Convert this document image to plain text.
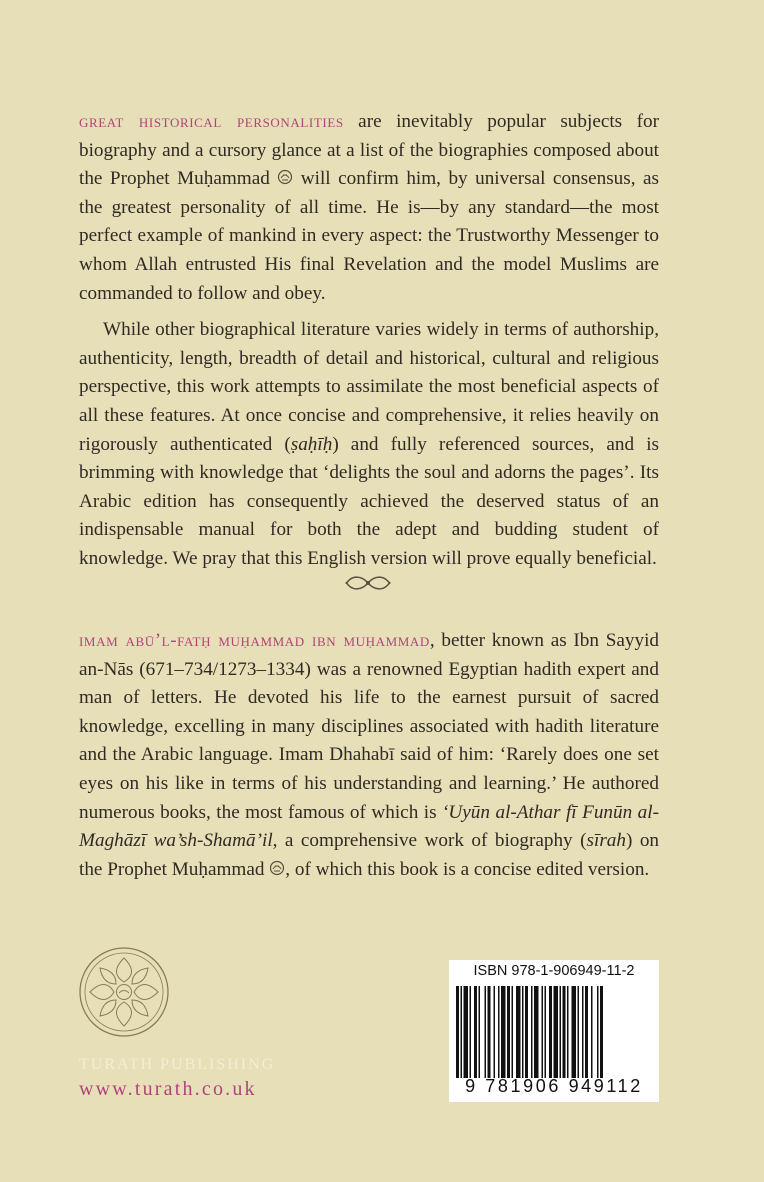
great historical personalities are inevitably popular subjects for biography and a cursory glance at a list of the biographies composed about the Prophet Muḥammad  will confirm him, by universal consensus, as the greatest personality of all time. He is—by any standard—the most perfect example of mankind in every aspect: the Trustworthy Messenger to whom Allah entrusted His final Revelation and the model Muslims are commanded to follow and obey.

While other biographical literature varies widely in terms of authorship, authenticity, length, breadth of detail and historical, cultural and religious perspective, this work attempts to assimilate the most beneficial aspects of all these features. At once concise and comprehensive, it relies heavily on rigorously authenticated (ṣaḥīḥ) and fully referenced sources, and is brimming with knowledge that ‘delights the soul and adorns the pages’. Its Arabic edition has consequently achieved the deserved status of an indispensable manual for both the adept and budding student of knowledge. We pray that this English version will prove equally beneficial.

imam abū’l-fatḥ muḥammad ibn muḥammad, better known as Ibn Sayyid an-Nās (671–734/1273–1334) was a renowned Egyptian hadith expert and man of letters. He devoted his life to the earnest pursuit of sacred knowledge, excelling in many disciplines associated with hadith literature and the Arabic language. Imam Dhahabī said of him: ‘Rarely does one set eyes on his like in terms of his understanding and learning.’ He authored numerous books, the most famous of which is ‘Uyūn al-Athar fī Funūn al-Maghāzī wa’sh-Shamā’il, a comprehensive work of biography (sīrah) on the Prophet Muḥammad , of which this book is a concise edited version.

TURATH PUBLISHING
www.turath.co.uk
ISBN 978-1-906949-11-2
9 781906 949112
